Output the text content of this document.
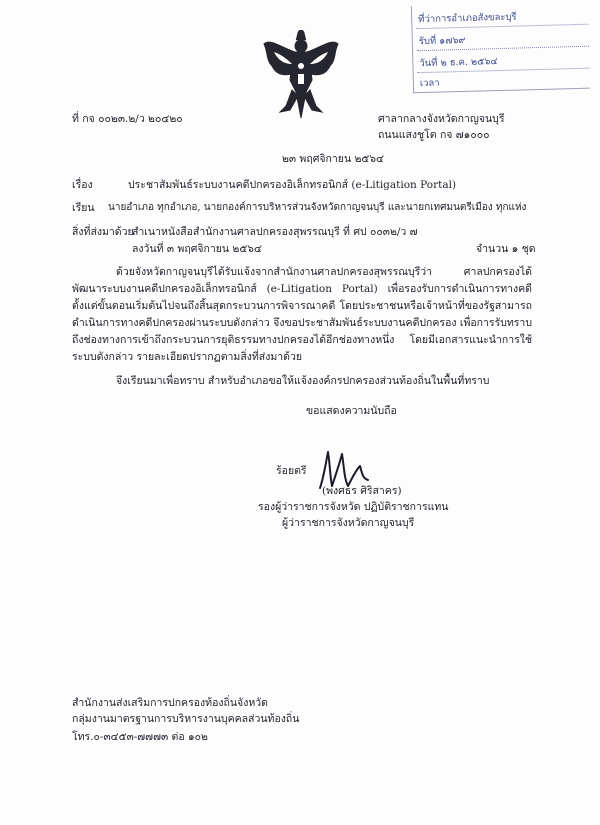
ที่ว่าการอำเภอสังขละบุรี
รับที่ ๑๗๖๙
วันที่ ๒ ธ.ค. ๒๕๖๔
เวลา
ที่ กจ ๐๐๒๓.๒/ว ๒๐๔๒๐	ศาลากลางจังหวัดกาญจนบุรี
ถนนแสงชูโต กจ ๗๑๐๐๐
๒๓ พฤศจิกายน ๒๕๖๔
เรื่อง	ประชาสัมพันธ์ระบบงานคดีปกครองอิเล็กทรอนิกส์ (e-Litigation Portal)
เรียน นายอำเภอ ทุกอำเภอ, นายกองค์การบริหารส่วนจังหวัดกาญจนบุรี และนายกเทศมนตรีเมือง ทุกแห่ง
สิ่งที่ส่งมาด้วย
สำเนาหนังสือสำนักงานศาลปกครองสุพรรณบุรี ที่ ศป ๐๐๓๒/ว ๗
ลงวันที่ ๓ พฤศจิกายน ๒๕๖๔	จำนวน ๑ ชุด
ด้วยจังหวัดกาญจนบุรีได้รับแจ้งจากสำนักงานศาลปกครองสุพรรณบุรีว่า ศาลปกครองได้พัฒนาระบบงานคดีปกครองอิเล็กทรอนิกส์ (e-Litigation Portal) เพื่อรองรับการดำเนินการทางคดีตั้งแต่ขั้นตอนเริ่มต้นไปจนถึงสิ้นสุดกระบวนการพิจารณาคดี โดยประชาชนหรือเจ้าหน้าที่ของรัฐสามารถดำเนินการทางคดีปกครองผ่านระบบดังกล่าว จึงขอประชาสัมพันธ์ระบบงานคดีปกครอง เพื่อการรับทราบถึงช่องทางการเข้าถึงกระบวนการยุติธรรมทางปกครองได้อีกช่องทางหนึ่ง โดยมีเอกสารแนะนำการใช้ระบบดังกล่าว รายละเอียดปรากฏตามสิ่งที่ส่งมาด้วย
จึงเรียนมาเพื่อทราบ สำหรับอำเภอขอให้แจ้งองค์กรปกครองส่วนท้องถิ่นในพื้นที่ทราบ
ขอแสดงความนับถือ
ร้อยตรี
(พงศธร ศิริสาคร)
รองผู้ว่าราชการจังหวัด ปฏิบัติราชการแทน
ผู้ว่าราชการจังหวัดกาญจนบุรี
สำนักงานส่งเสริมการปกครองท้องถิ่นจังหวัด
กลุ่มงานมาตรฐานการบริหารงานบุคคลส่วนท้องถิ่น
โทร.๐-๓๔๕๓-๗๗๗๓ ต่อ ๑๐๒
